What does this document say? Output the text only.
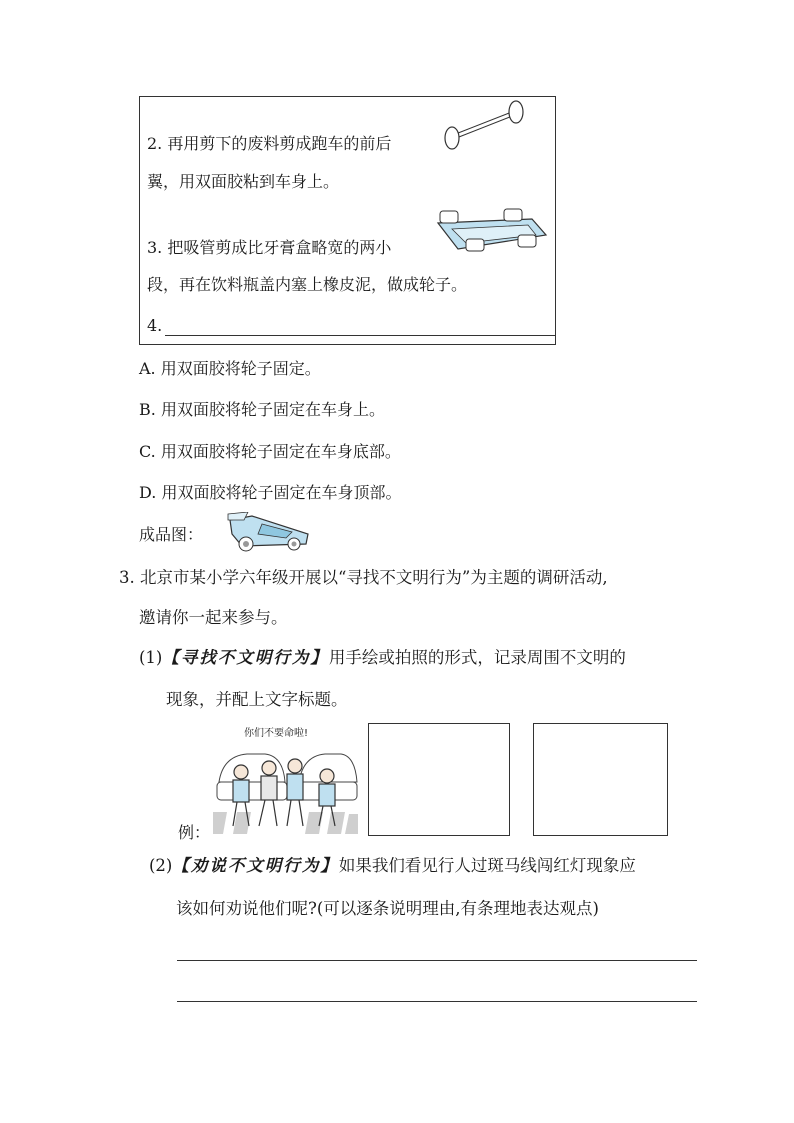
2. 再用剪下的废料剪成跑车的前后
翼，用双面胶粘到车身上。
3. 把吸管剪成比牙膏盒略宽的两小
段，再在饮料瓶盖内塞上橡皮泥，做成轮子。
4.
A. 用双面胶将轮子固定。
B. 用双面胶将轮子固定在车身上。
C. 用双面胶将轮子固定在车身底部。
D. 用双面胶将轮子固定在车身顶部。
成品图：
3. 北京市某小学六年级开展以“寻找不文明行为”为主题的调研活动,
邀请你一起来参与。
(1)【寻找不文明行为】用手绘或拍照的形式，记录周围不文明的
现象，并配上文字标题。
你们不要命啦!
例：
(2)【劝说不文明行为】如果我们看见行人过斑马线闯红灯现象应
该如何劝说他们呢?(可以逐条说明理由,有条理地表达观点)
